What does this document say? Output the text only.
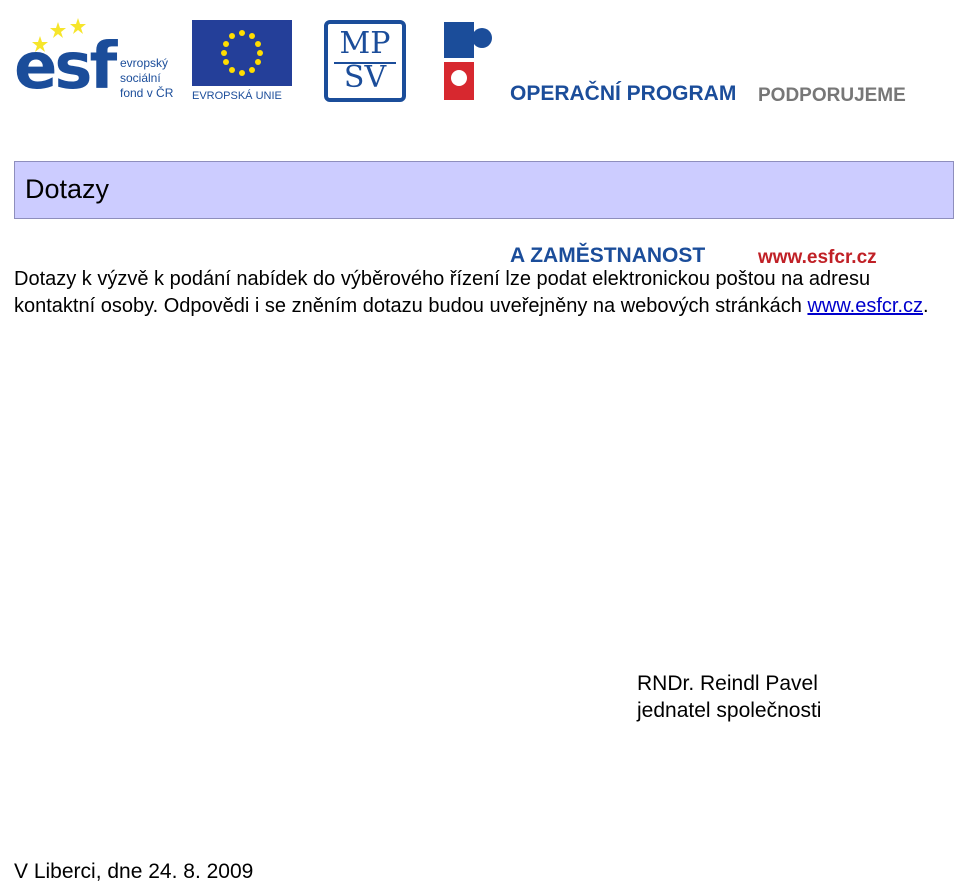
esf evropský
sociální
fond v ČR EVROPSKÁ UNIE
MP
SV

	OPERAČNÍ PROGRAM

A ZAMĚSTNANOST

PODPORUJEME

www.esfcr.cz

Dotazy
Dotazy k výzvě k podání nabídek do výběrového řízení lze podat elektronickou poštou na adresu kontaktní osoby. Odpovědi i se zněním dotazu budou uveřejněny na webových stránkách www.esfcr.cz.
RNDr. Reindl Pavel
jednatel společnosti
V Liberci, dne 24. 8. 2009
